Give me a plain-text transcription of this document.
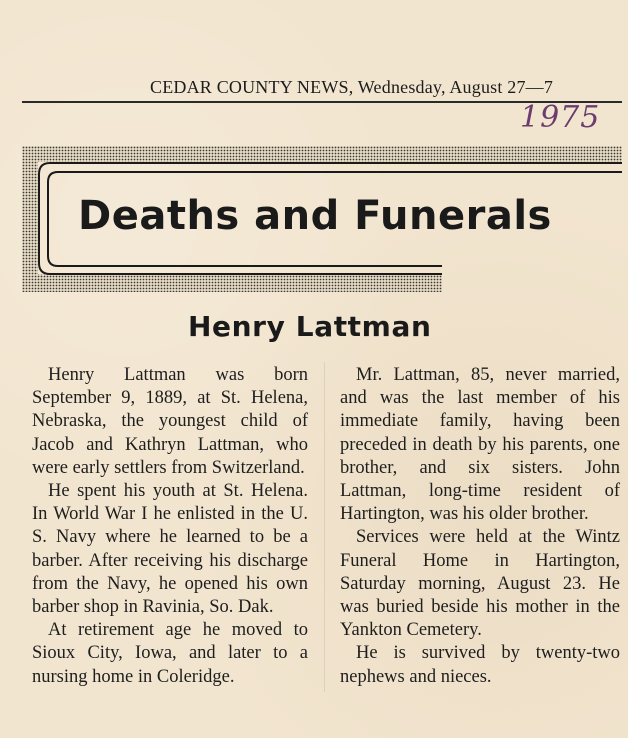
CEDAR COUNTY NEWS, Wednesday, August 27—7
1975
Deaths and Funerals
Henry Lattman

Henry Lattman was born September 9, 1889, at St. Helena, Nebraska, the youngest child of Jacob and Kathryn Lattman, who were early settlers from Switzerland.

He spent his youth at St. Helena. In World War I he enlisted in the U. S. Navy where he learned to be a barber. After receiving his discharge from the Navy, he opened his own barber shop in Ravinia, So. Dak.

At retirement age he moved to Sioux City, Iowa, and later to a nursing home in Coleridge.

Mr. Lattman, 85, never married, and was the last member of his immediate family, having been preceded in death by his parents, one brother, and six sisters. John Lattman, long-time resident of Hartington, was his older brother.

Services were held at the Wintz Funeral Home in Hartington, Saturday morning, August 23. He was buried beside his mother in the Yankton Cemetery.

He is survived by twenty-two nephews and nieces.
